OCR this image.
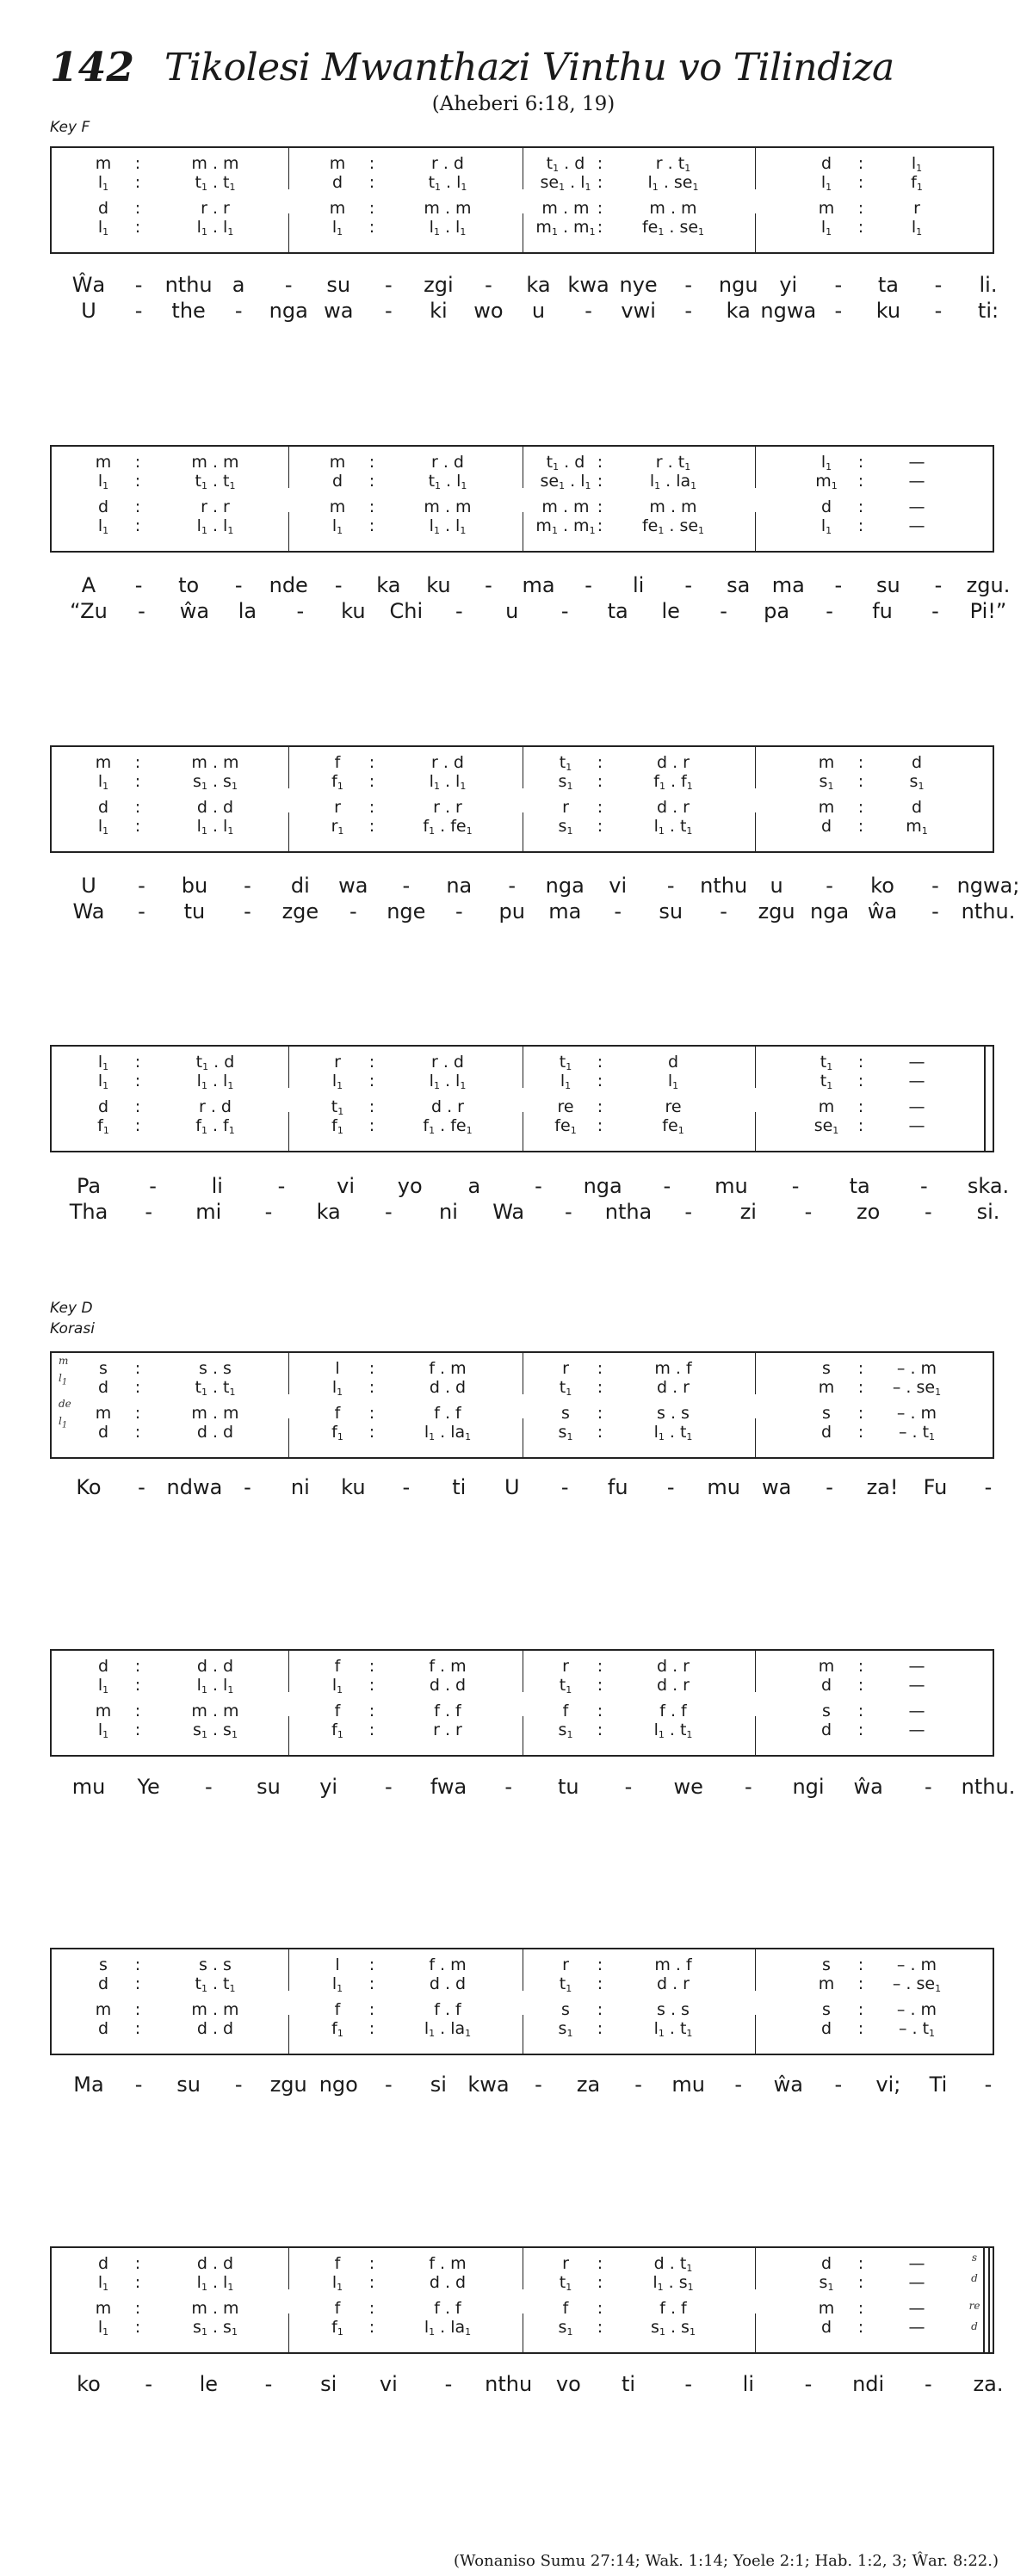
142 Tikolesi Mwanthazi Vinthu vo Tilindiza
(Aheberi 6:18, 19)
Key F
Key D
Korasi
m	:	m . m	m	:	r . d	$t_1$ . d :	r . $t_1$	d	:	$l_1$
$l_1$	:	$t_1$ . $t_1$	d	:	$t_1$ . $l_1$	$se_1$ . $l_1$ :	$l_1$ . $se_1$	$l_1$	:	$f_1$
d	:	r . r	m	:	m . m	m . m :	m . m	m	:	r
$l_1$	:	$l_1$ . $l_1$	$l_1$	:	$l_1$ . $l_1$	$m_1$ . $m_1$ :	$fe_1$ . $se_1$	$l_1$	:	$l_1$
Ŵa - nthu a - su - zgi - ka kwa nye - ngu yi - ta - li.
U - the - nga wa - ki wo u - vwi - ka ngwa - ku - ti:
m	:	m . m	m	:	r . d	$t_1$ . d :	r . $t_1$	$l_1$	:	—
$l_1$	:	$t_1$ . $t_1$	d	:	$t_1$ . $l_1$	$se_1$ . $l_1$ :	$l_1$ . $la_1$	$m_1$	:	—
d	:	r . r	m	:	m . m	m . m :	m . m	d	:	—
$l_1$	:	$l_1$ . $l_1$	$l_1$	:	$l_1$ . $l_1$	$m_1$ . $m_1$ :	$fe_1$ . $se_1$	$l_1$	:	—
A - to - nde - ka ku - ma - li - sa ma - su - zgu.
“Zu - ŵa la - ku Chi - u - ta le - pa - fu - Pi!”
m	:	m . m	f	:	r . d	$t_1$	:	d . r	m	:	d
$l_1$	:	$s_1$ . $s_1$	$f_1$	:	$l_1$ . $l_1$	$s_1$	:	$f_1$ . $f_1$	$s_1$	:	$s_1$
d	:	d . d	r	:	r . r	r	:	d . r	m	:	d
$l_1$	:	$l_1$ . $l_1$	$r_1$	:	$f_1$ . $fe_1$	$s_1$	:	$l_1$ . $t_1$	d	:	$m_1$
U - bu - di wa - na - nga vi - nthu u - ko - ngwa;
Wa - tu - zge - nge - pu ma - su - zgu nga ŵa - nthu.
$l_1$	:	$t_1$ . d	r	:	r . d	$t_1$	:	d	$t_1$	:	—
$l_1$	:	$l_1$ . $l_1$	$l_1$	:	$l_1$ . $l_1$	$l_1$	:	$l_1$	$t_1$	:	—
d	:	r . d	$t_1$	:	d . r	re	:	re	m	:	—
$f_1$	:	$f_1$ . $f_1$	$f_1$	:	$f_1$ . $fe_1$	$fe_1$	:	$fe_1$	$se_1$	:	—
Pa -	li	- vi yo a	- nga - mu - ta - ska.
Tha - mi - ka - ni Wa - ntha - zi - zo - si.
s	:	s . s	l	:	f . m	r	:	m . f	s	:	– . m
d	:	$t_1$ . $t_1$	$l_1$	:	d . d	$t_1$	:	d . r	m	:	– . $se_1$
m	:	m . m	f	:	f . f	s	:	s . s	s	:	– . m
d	:	d . d	$f_1$	:	$l_1$ . $la_1$	$s_1$	:	$l_1$ . $t_1$	d	:	– . $t_1$
m
$l_1$
de
$l_1$
Ko - ndwa - ni ku - ti U - fu - mu wa - za! Fu -
d	:	d . d	f	:	f . m	r	:	d . r	m	:	—
$l_1$	:	$l_1$ . $l_1$	$l_1$	:	d . d	$t_1$	:	d . r	d	:	—
m	:	m . m	f	:	f . f	f	:	f . f	s	:	—
$l_1$	:	$s_1$ . $s_1$	$f_1$	:	r . r	$s_1$	:	$l_1$ . $t_1$	d	:	—
mu Ye - su yi - fwa - tu - we - ngi ŵa - nthu.
s	:	s . s	l	:	f . m	r	:	m . f	s	:	– . m
d	:	$t_1$ . $t_1$	$l_1$	:	d . d	$t_1$	:	d . r	m	:	– . $se_1$
m	:	m . m	f	:	f . f	s	:	s . s	s	:	– . m
d	:	d . d	$f_1$	:	$l_1$ . $la_1$	$s_1$	:	$l_1$ . $t_1$	d	:	– . $t_1$
Ma - su - zgu ngo - si kwa - za - mu - ŵa - vi; Ti -
d	:	d . d	f	:	f . m	r	:	d . $t_1$	d	:	—
$l_1$	:	$l_1$ . $l_1$	$l_1$	:	d . d	$t_1$	:	$l_1$ . $s_1$	$s_1$	:	—
m	:	m . m	f	:	f . f	f	:	f . f	m	:	—
$l_1$	:	$s_1$ . $s_1$	$f_1$	:	$l_1$ . $la_1$	$s_1$	:	$s_1$ . $s_1$	d	:	—
s
d
re
d
ko - le - si vi - nthu vo ti - li - ndi - za.
(Wonaniso Sumu 27:14; Wak. 1:14; Yoele 2:1; Hab. 1:2, 3; Ŵar. 8:22.)
